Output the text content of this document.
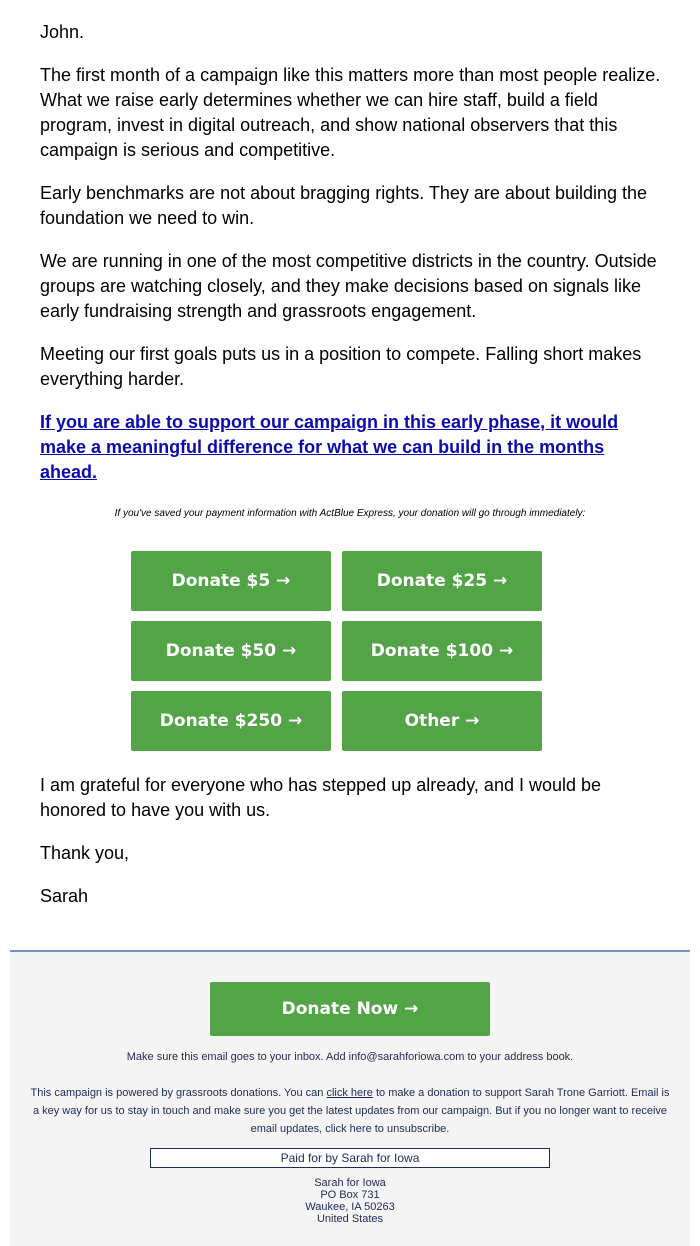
John.

The first month of a campaign like this matters more than most people realize. What we raise early determines whether we can hire staff, build a field program, invest in digital outreach, and show national observers that this campaign is serious and competitive.

Early benchmarks are not about bragging rights. They are about building the foundation we need to win.

We are running in one of the most competitive districts in the country. Outside groups are watching closely, and they make decisions based on signals like early fundraising strength and grassroots engagement.

Meeting our first goals puts us in a position to compete. Falling short makes everything harder.

If you are able to support our campaign in this early phase, it would make a meaningful difference for what we can build in the months ahead.

If you've saved your payment information with ActBlue Express, your donation will go through immediately:
Donate $5 →	Donate $25 →
Donate $50 →	Donate $100 →
Donate $250 →	Other →

I am grateful for everyone who has stepped up already, and I would be honored to have you with us.

Thank you,

Sarah

Donate Now →
Make sure this email goes to your inbox. Add info@sarahforiowa.com to your address book.
This campaign is powered by grassroots donations. You can click here to make a donation to support Sarah Trone Garriott. Email is a key way for us to stay in touch and make sure you get the latest updates from our campaign. But if you no longer want to receive email updates, click here to unsubscribe.
Paid for by Sarah for Iowa
Sarah for Iowa
PO Box 731
Waukee, IA 50263
United States
